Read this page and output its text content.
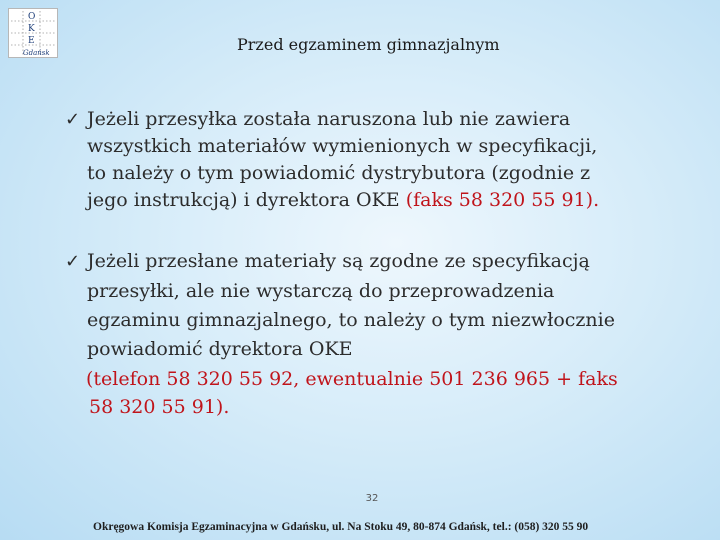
O
K
E
Gdańsk	Przed egzaminem gimnazjalnym
✓ Jeżeli przesyłka została naruszona lub nie zawiera
wszystkich materiałów wymienionych w specyfikacji,
to należy o tym powiadomić dystrybutora (zgodnie z
jego instrukcją) i dyrektora OKE (faks 58 320 55 91).
✓ Jeżeli przesłane materiały są zgodne ze specyfikacją
przesyłki, ale nie wystarczą do przeprowadzenia
egzaminu gimnazjalnego, to należy o tym niezwłocznie
powiadomić dyrektora OKE
(telefon 58 320 55 92, ewentualnie 501 236 965 + faks
58 320 55 91).
32
Okręgowa Komisja Egzaminacyjna w Gdańsku, ul. Na Stoku 49, 80-874 Gdańsk, tel.: (058) 320 55 90
